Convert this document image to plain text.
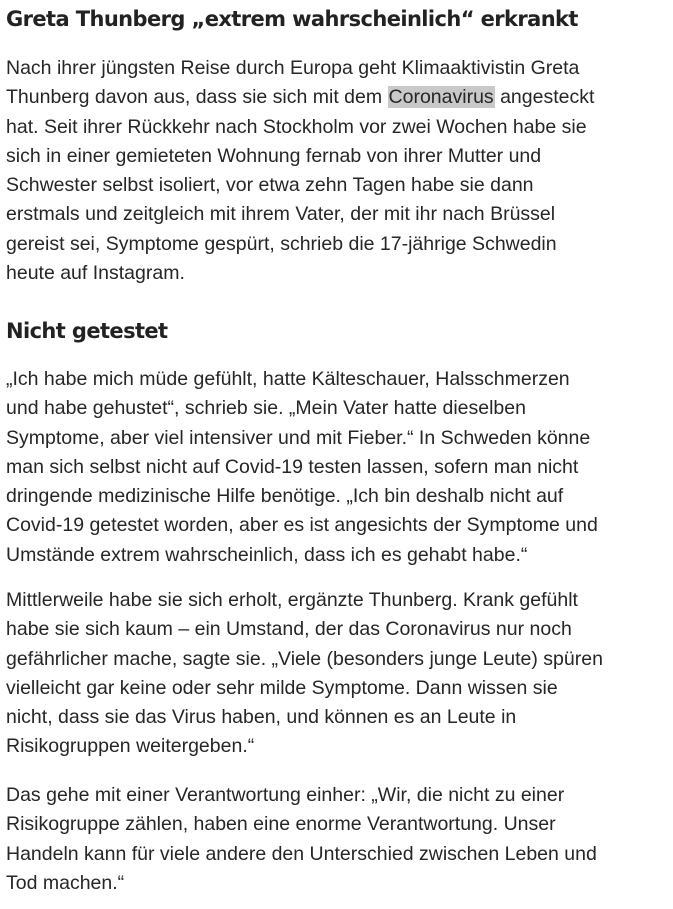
Greta Thunberg „extrem wahrscheinlich“ erkrankt

Nach ihrer jüngsten Reise durch Europa geht Klimaaktivistin Greta
Thunberg davon aus, dass sie sich mit dem Coronavirus angesteckt
hat. Seit ihrer Rückkehr nach Stockholm vor zwei Wochen habe sie
sich in einer gemieteten Wohnung fernab von ihrer Mutter und
Schwester selbst isoliert, vor etwa zehn Tagen habe sie dann
erstmals und zeitgleich mit ihrem Vater, der mit ihr nach Brüssel
gereist sei, Symptome gespürt, schrieb die 17-jährige Schwedin
heute auf Instagram.

Nicht getestet

„Ich habe mich müde gefühlt, hatte Kälteschauer, Halsschmerzen
und habe gehustet“, schrieb sie. „Mein Vater hatte dieselben
Symptome, aber viel intensiver und mit Fieber.“ In Schweden könne
man sich selbst nicht auf Covid-19 testen lassen, sofern man nicht
dringende medizinische Hilfe benötige. „Ich bin deshalb nicht auf
Covid-19 getestet worden, aber es ist angesichts der Symptome und
Umstände extrem wahrscheinlich, dass ich es gehabt habe.“

Mittlerweile habe sie sich erholt, ergänzte Thunberg. Krank gefühlt
habe sie sich kaum – ein Umstand, der das Coronavirus nur noch
gefährlicher mache, sagte sie. „Viele (besonders junge Leute) spüren
vielleicht gar keine oder sehr milde Symptome. Dann wissen sie
nicht, dass sie das Virus haben, und können es an Leute in
Risikogruppen weitergeben.“

Das gehe mit einer Verantwortung einher: „Wir, die nicht zu einer
Risikogruppe zählen, haben eine enorme Verantwortung. Unser
Handeln kann für viele andere den Unterschied zwischen Leben und
Tod machen.“
